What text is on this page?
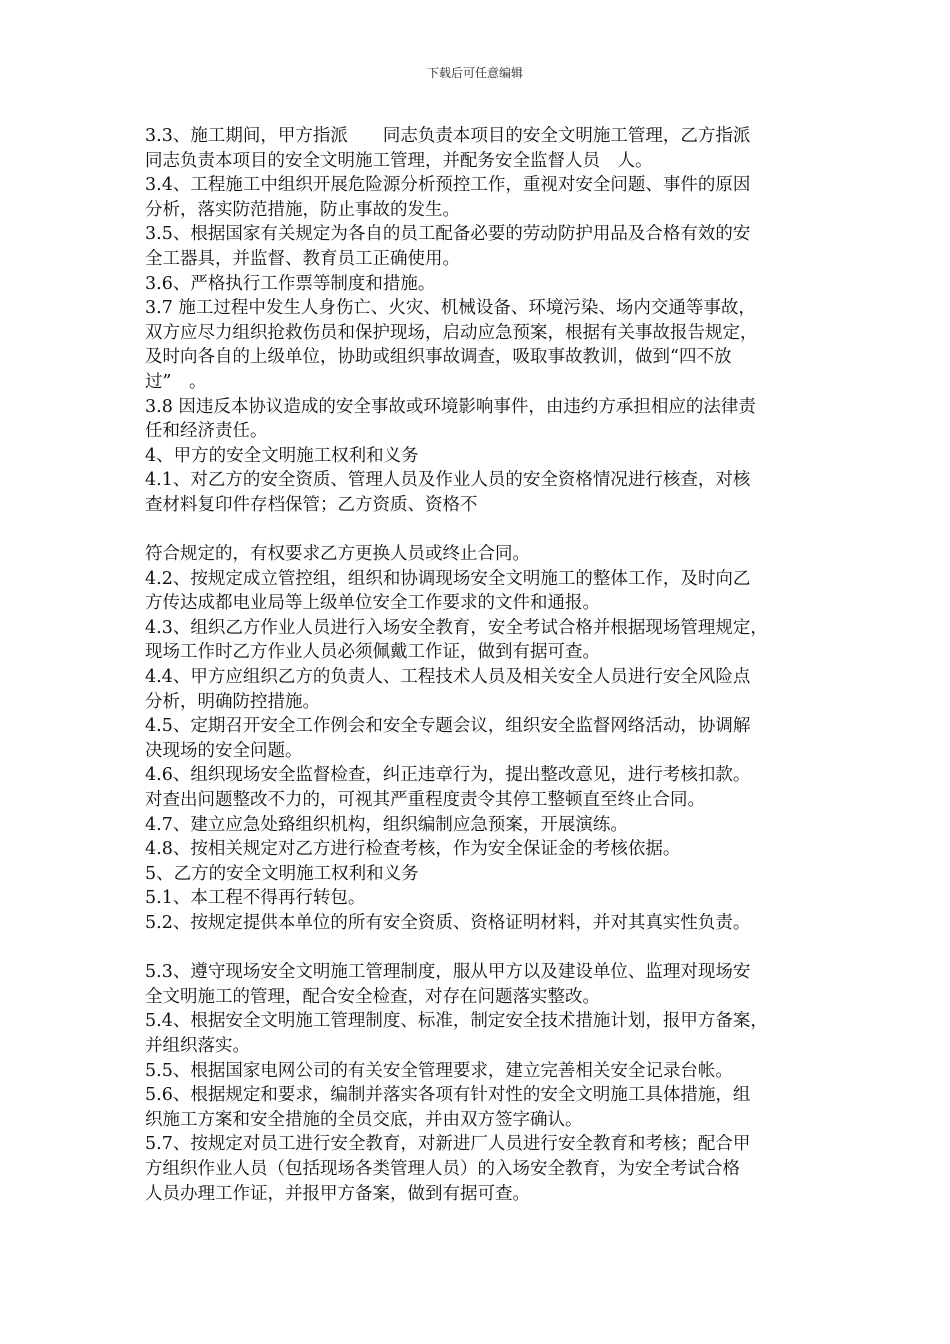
下载后可任意编辑
3.3、施工期间，甲方指派　　同志负责本项目的安全文明施工管理，乙方指派
同志负责本项目的安全文明施工管理，并配务安全监督人员　人。
3.4、工程施工中组织开展危险源分析预控工作，重视对安全问题、事件的原因
分析，落实防范措施，防止事故的发生。
3.5、根据国家有关规定为各自的员工配备必要的劳动防护用品及合格有效的安
全工器具，并监督、教育员工正确使用。
3.6、严格执行工作票等制度和措施。
3.7 施工过程中发生人身伤亡、火灾、机械设备、环境污染、场内交通等事故，
双方应尽力组织抢救伤员和保护现场，启动应急预案，根据有关事故报告规定，
及时向各自的上级单位，协助或组织事故调查，吸取事故教训，做到“四不放
过”　。
3.8 因违反本协议造成的安全事故或环境影响事件，由违约方承担相应的法律责
任和经济责任。
4、甲方的安全文明施工权利和义务
4.1、对乙方的安全资质、管理人员及作业人员的安全资格情况进行核查，对核
查材料复印件存档保管；乙方资质、资格不
符合规定的，有权要求乙方更换人员或终止合同。
4.2、按规定成立管控组，组织和协调现场安全文明施工的整体工作，及时向乙
方传达成都电业局等上级单位安全工作要求的文件和通报。
4.3、组织乙方作业人员进行入场安全教育，安全考试合格并根据现场管理规定，
现场工作时乙方作业人员必须佩戴工作证，做到有据可查。
4.4、甲方应组织乙方的负责人、工程技术人员及相关安全人员进行安全风险点
分析，明确防控措施。
4.5、定期召开安全工作例会和安全专题会议，组织安全监督网络活动，协调解
决现场的安全问题。
4.6、组织现场安全监督检查，纠正违章行为，提出整改意见，进行考核扣款。
对查出问题整改不力的，可视其严重程度责令其停工整顿直至终止合同。
4.7、建立应急处臵组织机构，组织编制应急预案，开展演练。
4.8、按相关规定对乙方进行检查考核，作为安全保证金的考核依据。
5、乙方的安全文明施工权利和义务
5.1、本工程不得再行转包。
5.2、按规定提供本单位的所有安全资质、资格证明材料，并对其真实性负责。
5.3、遵守现场安全文明施工管理制度，服从甲方以及建设单位、监理对现场安
全文明施工的管理，配合安全检查，对存在问题落实整改。
5.4、根据安全文明施工管理制度、标准，制定安全技术措施计划，报甲方备案，
并组织落实。
5.5、根据国家电网公司的有关安全管理要求，建立完善相关安全记录台帐。
5.6、根据规定和要求，编制并落实各项有针对性的安全文明施工具体措施，组
织施工方案和安全措施的全员交底，并由双方签字确认。
5.7、按规定对员工进行安全教育，对新进厂人员进行安全教育和考核；配合甲
方组织作业人员（包括现场各类管理人员）的入场安全教育，为安全考试合格
人员办理工作证，并报甲方备案，做到有据可查。
